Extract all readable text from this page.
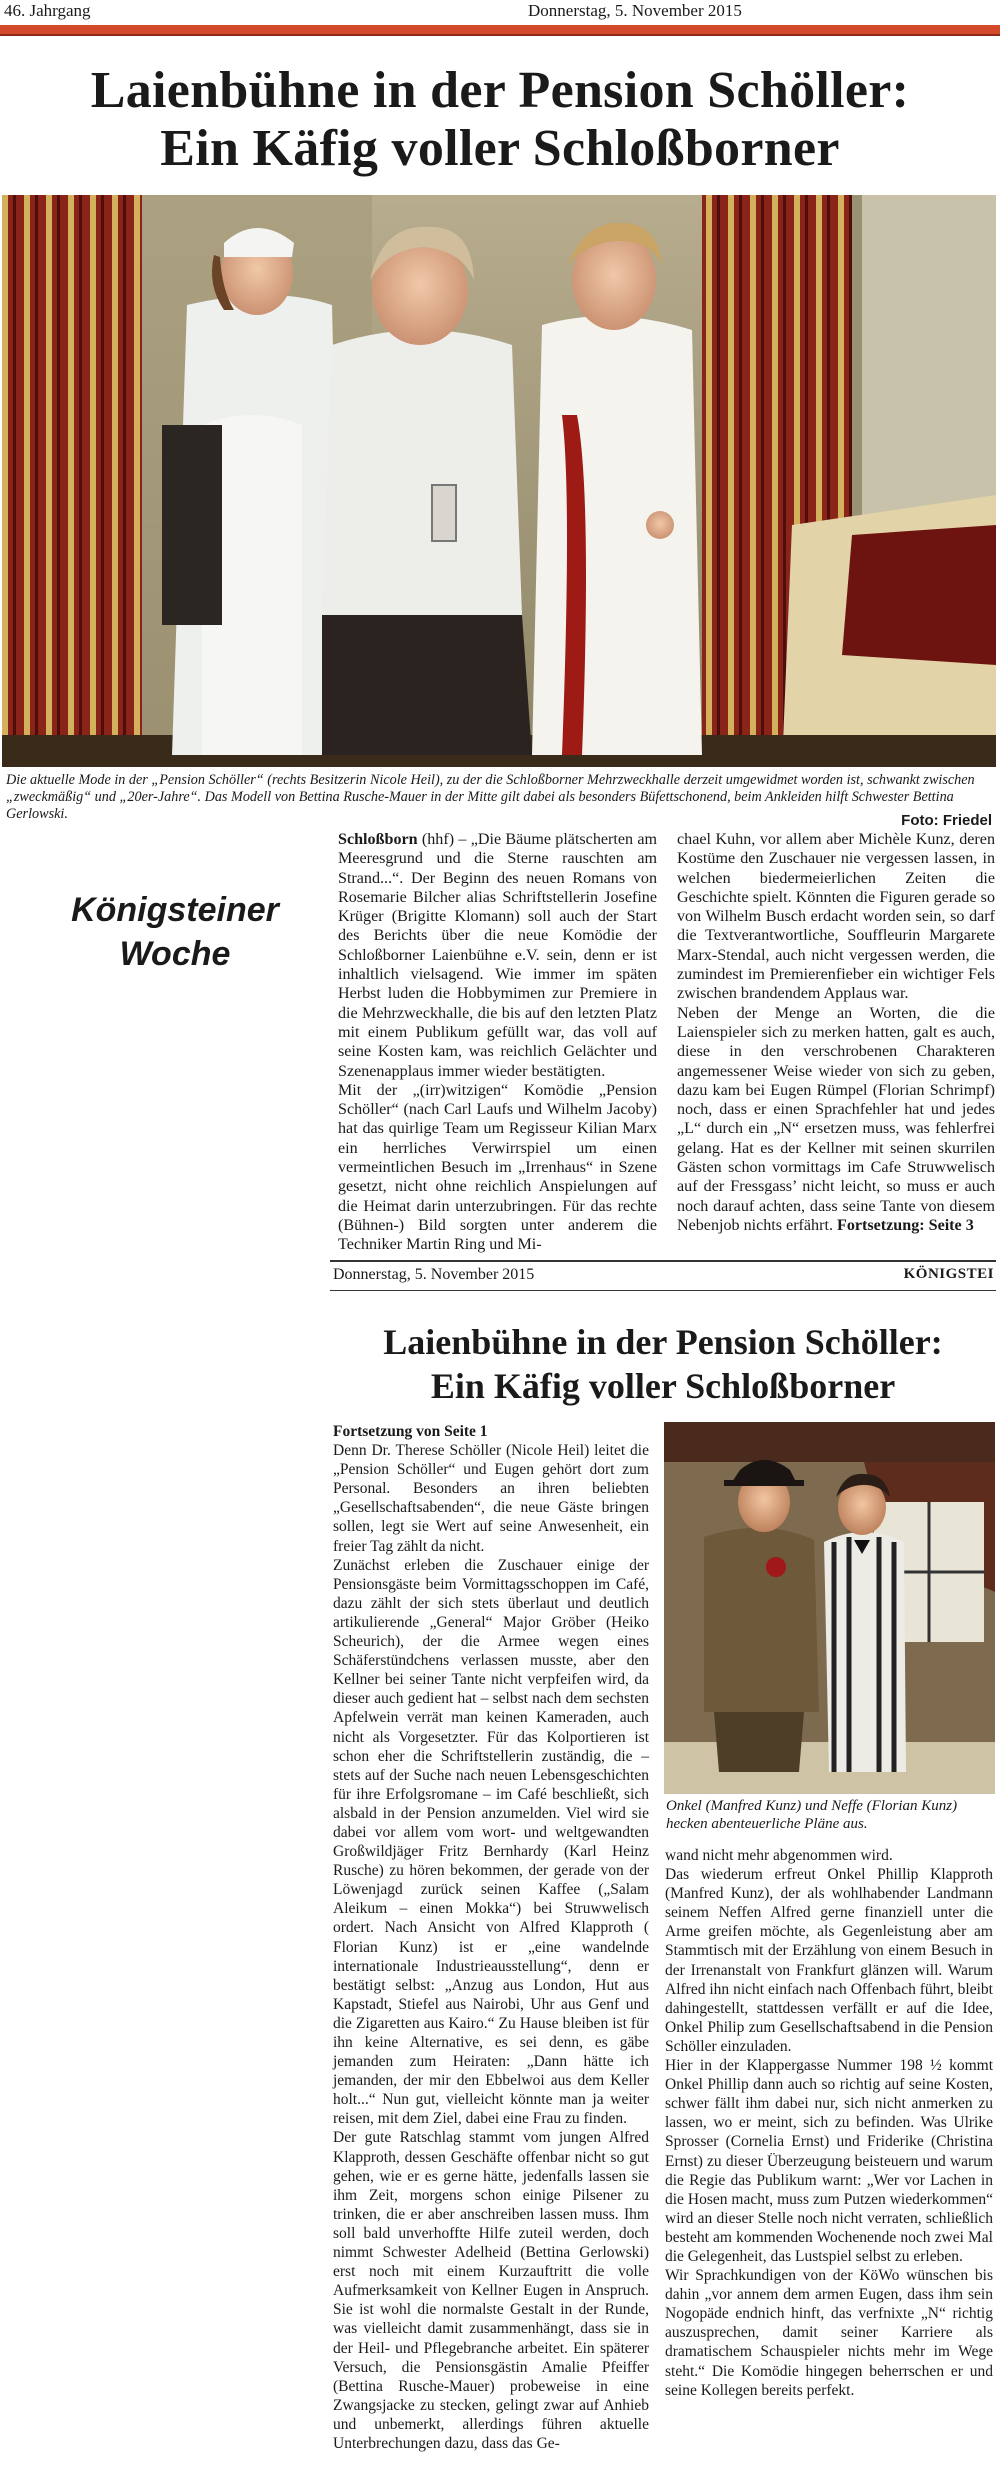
46. Jahrgang	Donnerstag, 5. November 2015
Laienbühne in der Pension Schöller:
Ein Käfig voller Schloßborner
Die aktuelle Mode in der „Pension Schöller“ (rechts Besitzerin Nicole Heil), zu der die Schloßborner Mehrzweckhalle derzeit umgewidmet worden ist, schwankt zwischen „zweckmäßig“ und „20er-Jahre“. Das Modell von Bettina Rusche-Mauer in der Mitte gilt dabei als besonders Büfettschonend, beim Ankleiden hilft Schwester Bettina Gerlowski.	Foto: Friedel
Königsteiner
Woche

Schloßborn (hhf) – „Die Bäume plätscherten am Meeresgrund und die Sterne rauschten am Strand...“. Der Beginn des neuen Romans von Rosemarie Bilcher alias Schriftstellerin Josefine Krüger (Brigitte Klomann) soll auch der Start des Berichts über die neue Komödie der Schloßborner Laienbühne e.V. sein, denn er ist inhaltlich vielsagend. Wie immer im späten Herbst luden die Hobbymimen zur Premiere in die Mehrzweckhalle, die bis auf den letzten Platz mit einem Publikum gefüllt war, das voll auf seine Kosten kam, was reichlich Gelächter und Szenenapplaus immer wieder bestätigten.

Mit der „(irr)witzigen“ Komödie „Pension Schöller“ (nach Carl Laufs und Wilhelm Jacoby) hat das quirlige Team um Regisseur Kilian Marx ein herrliches Verwirrspiel um einen vermeintlichen Besuch im „Irrenhaus“ in Szene gesetzt, nicht ohne reichlich Anspielungen auf die Heimat darin unterzubringen. Für das rechte (Bühnen-) Bild sorgten unter anderem die Techniker Martin Ring und Mi-

chael Kuhn, vor allem aber Michèle Kunz, deren Kostüme den Zuschauer nie vergessen lassen, in welchen biedermeierlichen Zeiten die Geschichte spielt. Könnten die Figuren gerade so von Wilhelm Busch erdacht worden sein, so darf die Textverantwortliche, Souffleurin Margarete Marx-Stendal, auch nicht vergessen werden, die zumindest im Premierenfieber ein wichtiger Fels zwischen brandendem Applaus war.

Neben der Menge an Worten, die die Laienspieler sich zu merken hatten, galt es auch, diese in den verschrobenen Charakteren angemessener Weise wieder von sich zu geben, dazu kam bei Eugen Rümpel (Florian Schrimpf) noch, dass er einen Sprachfehler hat und jedes „L“ durch ein „N“ ersetzen muss, was fehlerfrei gelang. Hat es der Kellner mit seinen skurrilen Gästen schon vormittags im Cafe Struwwelisch auf der Fressgass’ nicht leicht, so muss er auch noch darauf achten, dass seine Tante von diesem Nebenjob nichts erfährt. Fortsetzung: Seite 3

Donnerstag, 5. November 2015	KÖNIGSTEI
Laienbühne in der Pension Schöller:
Ein Käfig voller Schloßborner

Fortsetzung von Seite 1

Denn Dr. Therese Schöller (Nicole Heil) leitet die „Pension Schöller“ und Eugen gehört dort zum Personal. Besonders an ihren beliebten „Gesellschaftsabenden“, die neue Gäste bringen sollen, legt sie Wert auf seine Anwesenheit, ein freier Tag zählt da nicht.

Zunächst erleben die Zuschauer einige der Pensionsgäste beim Vormittagsschoppen im Café, dazu zählt der sich stets überlaut und deutlich artikulierende „General“ Major Gröber (Heiko Scheurich), der die Armee wegen eines Schäferstündchens verlassen musste, aber den Kellner bei seiner Tante nicht verpfeifen wird, da dieser auch gedient hat – selbst nach dem sechsten Apfelwein verrät man keinen Kameraden, auch nicht als Vorgesetzter. Für das Kolportieren ist schon eher die Schriftstellerin zuständig, die – stets auf der Suche nach neuen Lebensgeschichten für ihre Erfolgsromane – im Café beschließt, sich alsbald in der Pension anzumelden. Viel wird sie dabei vor allem vom wort- und weltgewandten Großwildjäger Fritz Bernhardy (Karl Heinz Rusche) zu hören bekommen, der gerade von der Löwenjagd zurück seinen Kaffee („Salam Aleikum – einen Mokka“) bei Struwwelisch ordert. Nach Ansicht von Alfred Klapproth ( Florian Kunz) ist er „eine wandelnde internationale Industrieausstellung“, denn er bestätigt selbst: „Anzug aus London, Hut aus Kapstadt, Stiefel aus Nairobi, Uhr aus Genf und die Zigaretten aus Kairo.“ Zu Hause bleiben ist für ihn keine Alternative, es sei denn, es gäbe jemanden zum Heiraten: „Dann hätte ich jemanden, der mir den Ebbelwoi aus dem Keller holt...“ Nun gut, vielleicht könnte man ja weiter reisen, mit dem Ziel, dabei eine Frau zu finden.

Der gute Ratschlag stammt vom jungen Alfred Klapproth, dessen Geschäfte offenbar nicht so gut gehen, wie er es gerne hätte, jedenfalls lassen sie ihm Zeit, morgens schon einige Pilsener zu trinken, die er aber anschreiben lassen muss. Ihm soll bald unverhoffte Hilfe zuteil werden, doch nimmt Schwester Adelheid (Bettina Gerlowski) erst noch mit einem Kurzauftritt die volle Aufmerksamkeit von Kellner Eugen in Anspruch. Sie ist wohl die normalste Gestalt in der Runde, was vielleicht damit zusammenhängt, dass sie in der Heil- und Pflegebranche arbeitet. Ein späterer Versuch, die Pensionsgästin Amalie Pfeiffer (Bettina Rusche-Mauer) probeweise in eine Zwangsjacke zu stecken, gelingt zwar auf Anhieb und unbemerkt, allerdings führen aktuelle Unterbrechungen dazu, dass das Ge-

Onkel (Manfred Kunz) und Neffe (Florian Kunz) hecken abenteuerliche Pläne aus.

wand nicht mehr abgenommen wird.

Das wiederum erfreut Onkel Phillip Klapproth (Manfred Kunz), der als wohlhabender Landmann seinem Neffen Alfred gerne finanziell unter die Arme greifen möchte, als Gegenleistung aber am Stammtisch mit der Erzählung von einem Besuch in der Irrenanstalt von Frankfurt glänzen will. Warum Alfred ihn nicht einfach nach Offenbach führt, bleibt dahingestellt, stattdessen verfällt er auf die Idee, Onkel Philip zum Gesellschaftsabend in die Pension Schöller einzuladen.

Hier in der Klappergasse Nummer 198 ½ kommt Onkel Phillip dann auch so richtig auf seine Kosten, schwer fällt ihm dabei nur, sich nicht anmerken zu lassen, wo er meint, sich zu befinden. Was Ulrike Sprosser (Cornelia Ernst) und Friderike (Christina Ernst) zu dieser Überzeugung beisteuern und warum die Regie das Publikum warnt: „Wer vor Lachen in die Hosen macht, muss zum Putzen wiederkommen“ wird an dieser Stelle noch nicht verraten, schließlich besteht am kommenden Wochenende noch zwei Mal die Gelegenheit, das Lustspiel selbst zu erleben.

Wir Sprachkundigen von der KöWo wünschen bis dahin „vor annem dem armen Eugen, dass ihm sein Nogopäde endnich hinft, das verfnixte „N“ richtig auszusprechen, damit seiner Karriere als dramatischem Schauspieler nichts mehr im Wege steht.“ Die Komödie hingegen beherrschen er und seine Kollegen bereits perfekt.
